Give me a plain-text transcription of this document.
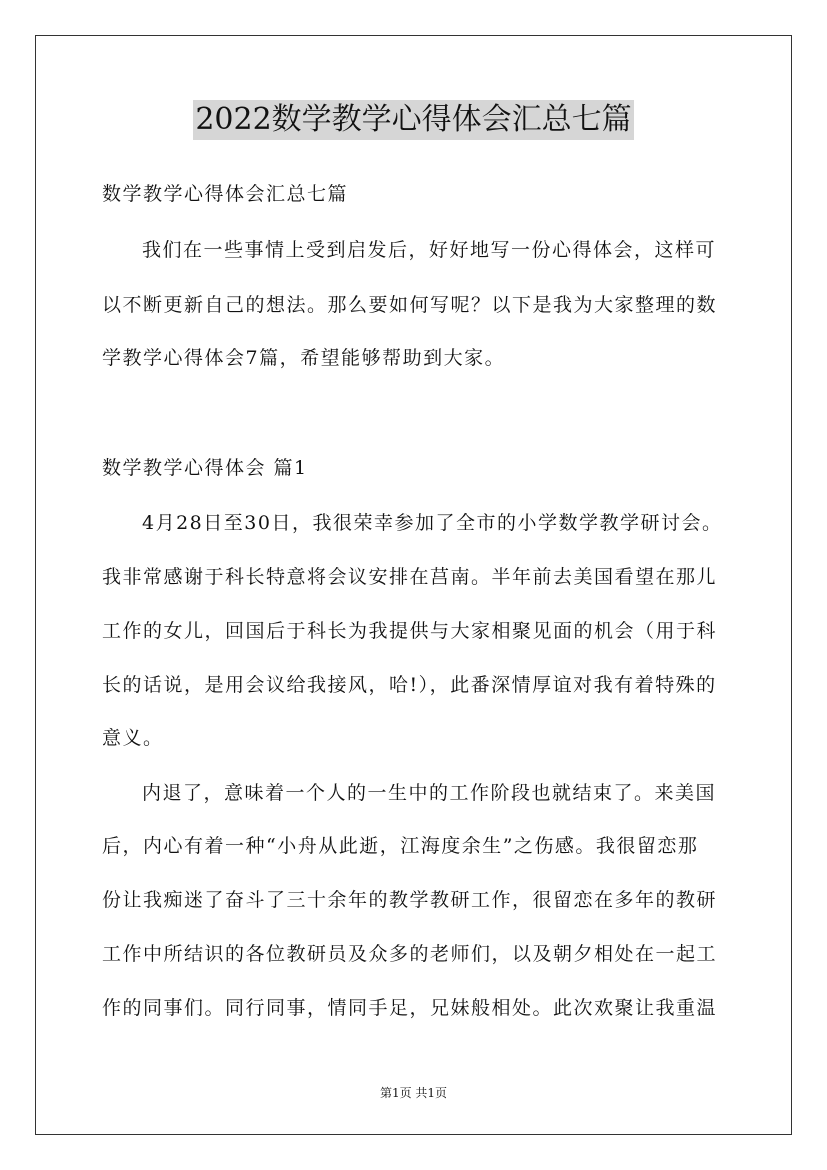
2022数学教学心得体会汇总七篇
数学教学心得体会汇总七篇
我们在一些事情上受到启发后，好好地写一份心得体会，这样可
以不断更新自己的想法。那么要如何写呢？以下是我为大家整理的数
学教学心得体会7篇，希望能够帮助到大家。
数学教学心得体会 篇1
4月28日至30日，我很荣幸参加了全市的小学数学教学研讨会。
我非常感谢于科长特意将会议安排在莒南。半年前去美国看望在那儿
工作的女儿，回国后于科长为我提供与大家相聚见面的机会（用于科
长的话说，是用会议给我接风，哈!），此番深情厚谊对我有着特殊的
意义。
内退了，意味着一个人的一生中的工作阶段也就结束了。来美国
后，内心有着一种“小舟从此逝，江海度余生”之伤感。我很留恋那
份让我痴迷了奋斗了三十余年的教学教研工作，很留恋在多年的教研
工作中所结识的各位教研员及众多的老师们，以及朝夕相处在一起工
作的同事们。同行同事，情同手足，兄妹般相处。此次欢聚让我重温
第1页 共1页
